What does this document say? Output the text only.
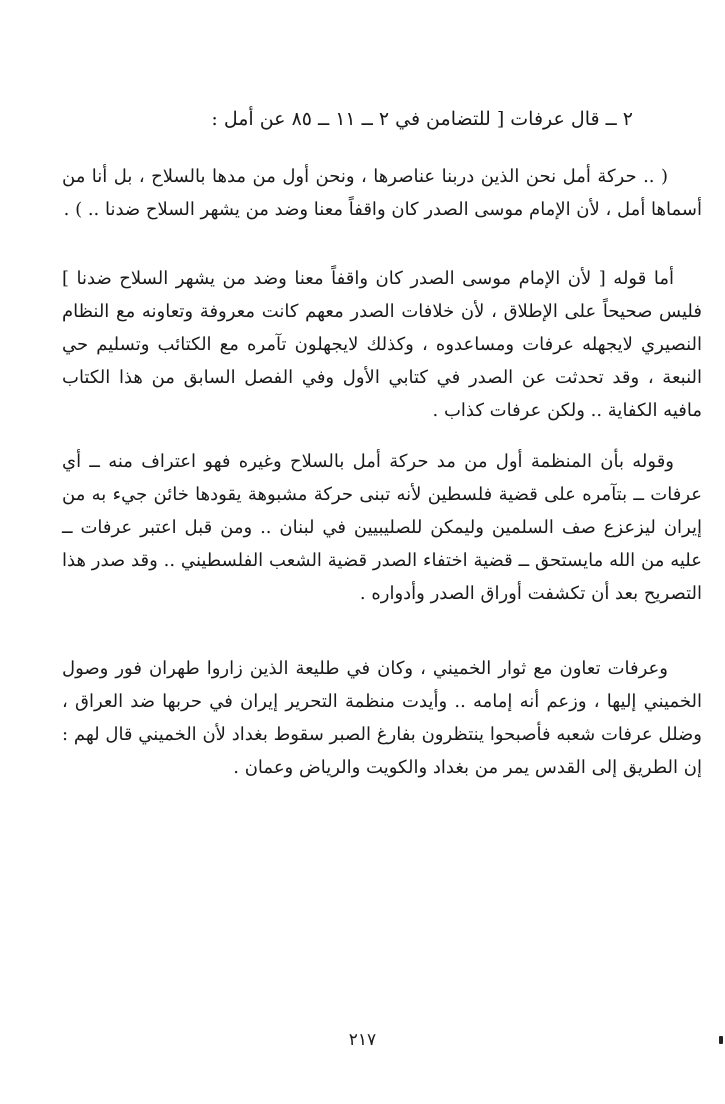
٢ ــ قال عرفات [ للتضامن في ٢ ــ ١١ ــ ٨٥ عن أمل :

( .. حركة أمل نحن الذين دربنا عناصرها ، ونحن أول من مدها بالسلاح ، بل أنا من أسماها أمل ، لأن الإمام موسى الصدر كان واقفاً معنا وضد من يشهر السلاح ضدنا .. ) .

أما قوله [ لأن الإمام موسى الصدر كان واقفاً معنا وضد من يشهر السلاح ضدنا ] فليس صحيحاً على الإطلاق ، لأن خلافات الصدر معهم كانت معروفة وتعاونه مع النظام النصيري لايجهله عرفات ومساعدوه ، وكذلك لايجهلون تآمره مع الكتائب وتسليم حي النبعة ، وقد تحدثت عن الصدر في كتابي الأول وفي الفصل السابق من هذا الكتاب مافيه الكفاية .. ولكن عرفات كذاب .

وقوله بأن المنظمة أول من مد حركة أمل بالسلاح وغيره فهو اعتراف منه ــ أي عرفات ــ بتآمره على قضية فلسطين لأنه تبنى حركة مشبوهة يقودها خائن جيء به من إيران ليزعزع صف السلمين وليمكن للصليبيين في لبنان .. ومن قبل اعتبر عرفات ــ عليه من الله مايستحق ــ قضية اختفاء الصدر قضية الشعب الفلسطيني .. وقد صدر هذا التصريح بعد أن تكشفت أوراق الصدر وأدواره .

وعرفات تعاون مع ثوار الخميني ، وكان في طليعة الذين زاروا طهران فور وصول الخميني إليها ، وزعم أنه إمامه .. وأيدت منظمة التحرير إيران في حربها ضد العراق ، وضلل عرفات شعبه فأصبحوا ينتظرون بفارغ الصبر سقوط بغداد لأن الخميني قال لهم : إن الطريق إلى القدس يمر من بغداد والكويت والرياض وعمان .

٢١٧
